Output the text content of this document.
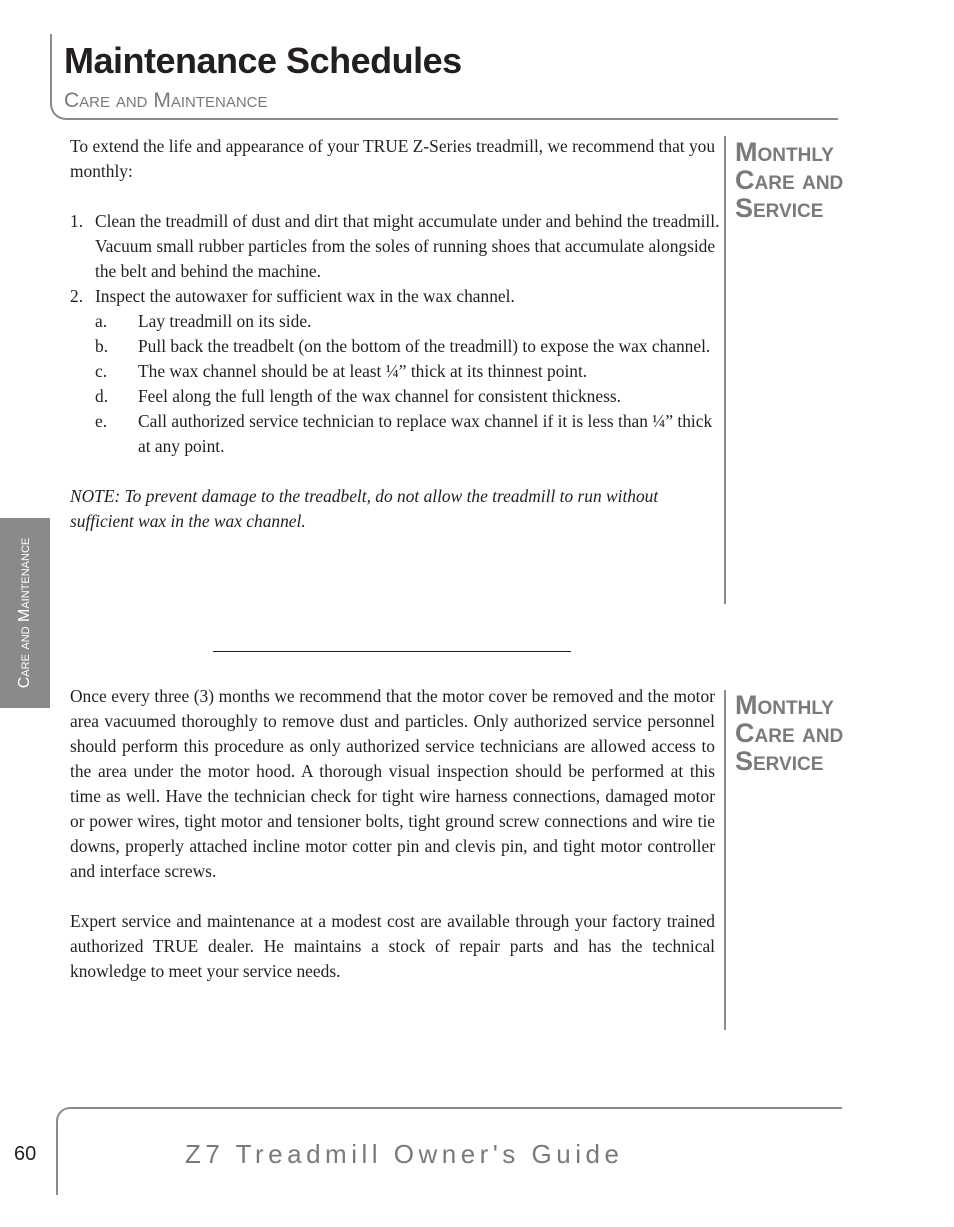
Maintenance Schedules
Care and Maintenance
Care and Maintenance

To extend the life and appearance of your TRUE Z-Series treadmill, we recommend that you monthly:

1. Clean the treadmill of dust and dirt that might accumulate under and behind the treadmill. Vacuum small rubber particles from the soles of running shoes that accumulate alongside the belt and behind the machine.
2. Inspect the autowaxer for sufficient wax in the wax channel.
a. Lay treadmill on its side.
b. Pull back the treadbelt (on the bottom of the treadmill) to expose the wax channel.
c. The wax channel should be at least ¼” thick at its thinnest point.
d. Feel along the full length of the wax channel for consistent thickness.
e. Call authorized service technician to replace wax channel if it is less than ¼” thick at any point.

NOTE: To prevent damage to the treadbelt, do not allow the treadmill to run without sufficient wax in the wax channel.

Monthly Care and Service

Once every three (3) months we recommend that the motor cover be removed and the motor area vacuumed thoroughly to remove dust and particles. Only authorized service personnel should perform this procedure as only authorized service technicians are allowed access to the area under the motor hood. A thorough visual inspection should be performed at this time as well. Have the technician check for tight wire harness connections, damaged motor or power wires, tight motor and tensioner bolts, tight ground screw connections and wire tie downs, properly attached incline motor cotter pin and clevis pin, and tight motor controller and interface screws.

Expert service and maintenance at a modest cost are available through your factory trained authorized TRUE dealer. He maintains a stock of repair parts and has the technical knowledge to meet your service needs.

Monthly Care and Service
60	Z7 Treadmill Owner's Guide
